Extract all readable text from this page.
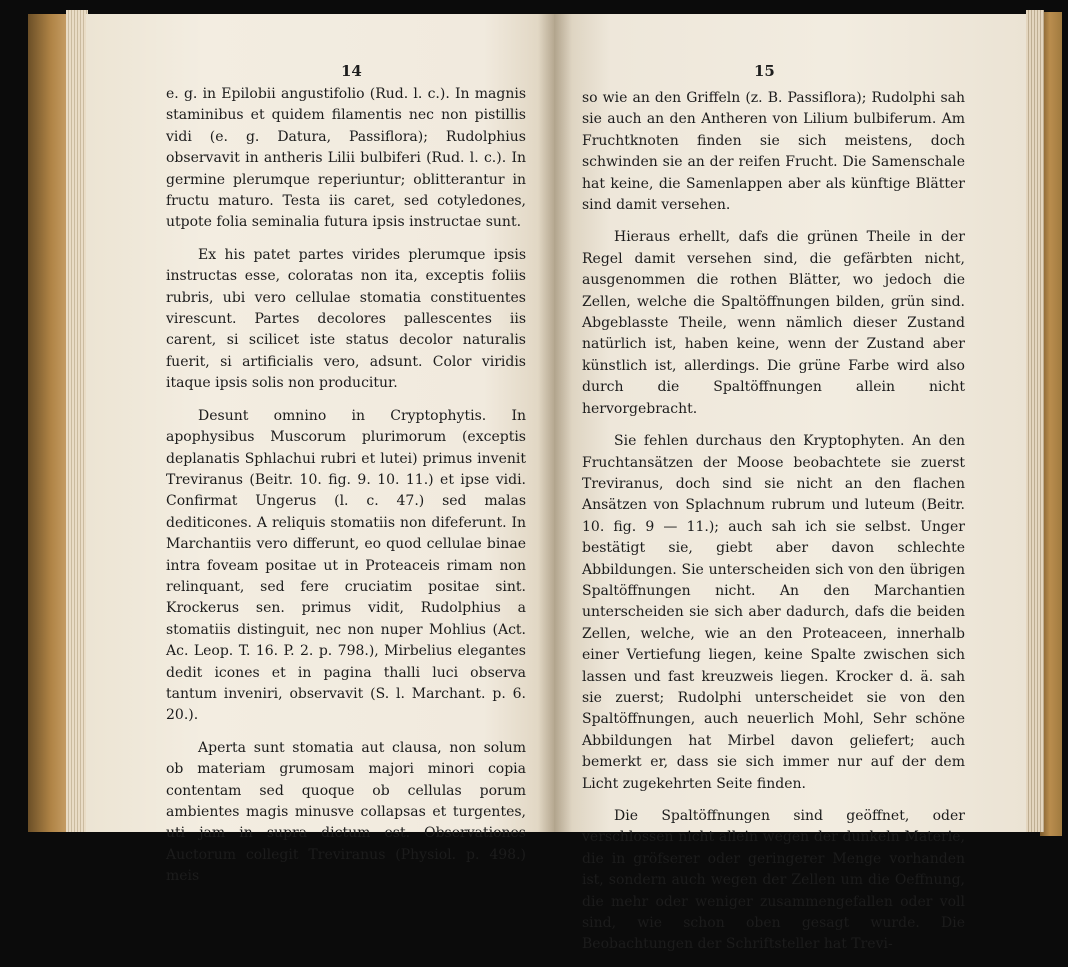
14

e. g. in Epilobii angustifolio (Rud. l. c.). In magnis staminibus et quidem filamentis nec non pistillis vidi (e. g. Datura, Passiflora); Rudolphius observavit in antheris Lilii bulbiferi (Rud. l. c.). In germine plerumque reperiuntur; oblitterantur in fructu maturo. Testa iis caret, sed cotyledones, utpote folia seminalia futura ipsis instructae sunt.

Ex his patet partes virides plerumque ipsis instructas esse, coloratas non ita, exceptis foliis rubris, ubi vero cellulae stomatia constituentes virescunt. Partes decolores pallescentes iis carent, si scilicet iste status decolor naturalis fuerit, si artificialis vero, adsunt. Color viridis itaque ipsis solis non producitur.

Desunt omnino in Cryptophytis. In apophysibus Muscorum plurimorum (exceptis deplanatis Sphlachui rubri et lutei) primus invenit Treviranus (Beitr. 10. fig. 9. 10. 11.) et ipse vidi. Confirmat Ungerus (l. c. 47.) sed malas dediticones. A reliquis stomatiis non difeferunt. In Marchantiis vero differunt, eo quod cellulae binae intra foveam positae ut in Proteaceis rimam non relinquant, sed fere cruciatim positae sint. Krockerus sen. primus vidit, Rudolphius a stomatiis distinguit, nec non nuper Mohlius (Act. Ac. Leop. T. 16. P. 2. p. 798.), Mirbelius elegantes dedit icones et in pagina thalli luci observa tantum inveniri, observavit (S. l. Marchant. p. 6. 20.).

Aperta sunt stomatia aut clausa, non solum ob materiam grumosam majori minori copia contentam sed quoque ob cellulas porum ambientes magis minusve collapsas et turgentes, uti jam in supra dictum est. Observationes Auctorum collegit Treviranus (Physiol. p. 498.) meis

15

so wie an den Griffeln (z. B. Passiflora); Rudolphi sah sie auch an den Antheren von Lilium bulbiferum. Am Fruchtknoten finden sie sich meistens, doch schwinden sie an der reifen Frucht. Die Samenschale hat keine, die Samenlappen aber als künftige Blätter sind damit versehen.

Hieraus erhellt, dafs die grünen Theile in der Regel damit versehen sind, die gefärbten nicht, ausgenommen die rothen Blätter, wo jedoch die Zellen, welche die Spaltöffnungen bilden, grün sind. Abgeblasste Theile, wenn nämlich dieser Zustand natürlich ist, haben keine, wenn der Zustand aber künstlich ist, allerdings. Die grüne Farbe wird also durch die Spaltöffnungen allein nicht hervorgebracht.

Sie fehlen durchaus den Kryptophyten. An den Fruchtansätzen der Moose beobachtete sie zuerst Treviranus, doch sind sie nicht an den flachen Ansätzen von Splachnum rubrum und luteum (Beitr. 10. fig. 9 — 11.); auch sah ich sie selbst. Unger bestätigt sie, giebt aber davon schlechte Abbildungen. Sie unterscheiden sich von den übrigen Spaltöffnungen nicht. An den Marchantien unterscheiden sie sich aber dadurch, dafs die beiden Zellen, welche, wie an den Proteaceen, innerhalb einer Vertiefung liegen, keine Spalte zwischen sich lassen und fast kreuzweis liegen. Krocker d. ä. sah sie zuerst; Rudolphi unterscheidet sie von den Spaltöffnungen, auch neuerlich Mohl, Sehr schöne Abbildungen hat Mirbel davon geliefert; auch bemerkt er, dass sie sich immer nur auf der dem Licht zugekehrten Seite finden.

Die Spaltöffnungen sind geöffnet, oder verschlossen nicht allein wegen der dunkeln Materie, die in gröfserer oder geringerer Menge vorhanden ist, sondern auch wegen der Zellen um die Oeffnung, die mehr oder weniger zusammengefallen oder voll sind, wie schon oben gesagt wurde. Die Beobachtungen der Schriftsteller hat Trevi-
